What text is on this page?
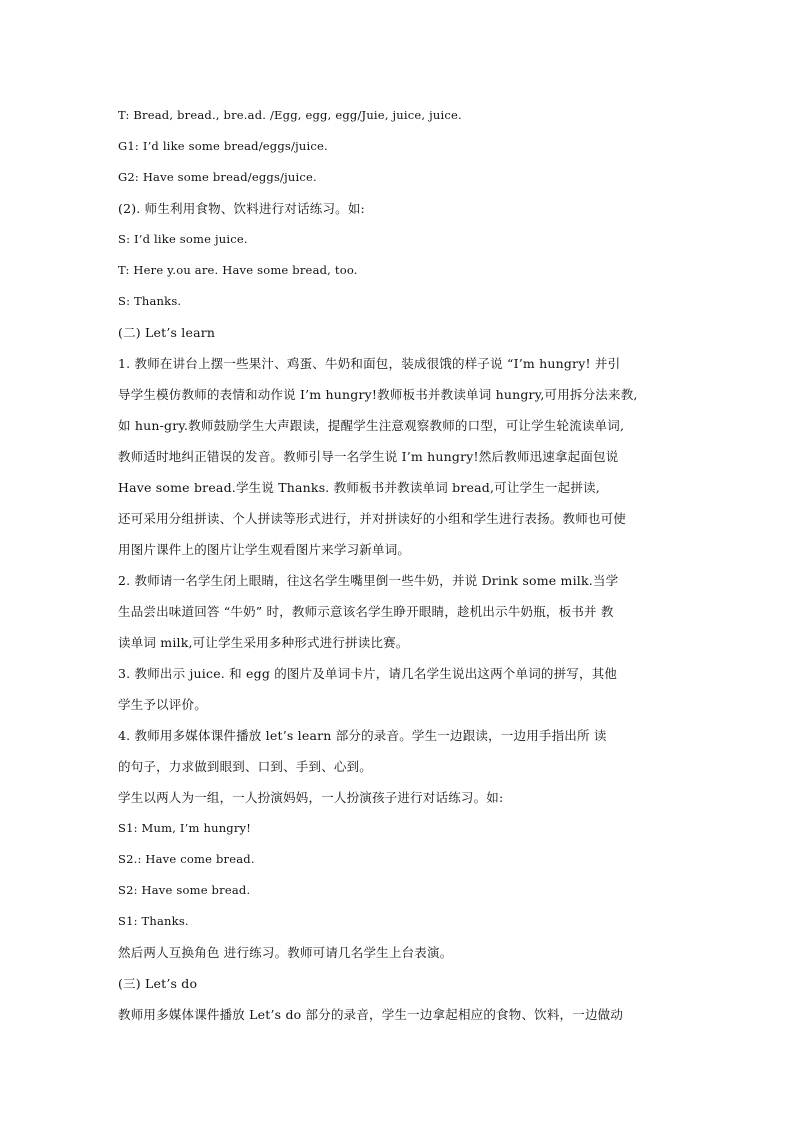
T: Bread, bread., bre.ad. /Egg, egg, egg/Juie, juice, juice.
G1: I’d like some bread/eggs/juice.
G2: Have some bread/eggs/juice.
(2). 师生利用食物、饮料进行对话练习。如:
S: I’d like some juice.
T: Here y.ou are. Have some bread, too.
S: Thanks.
(二) Let’s learn
1. 教师在讲台上摆一些果汁、鸡蛋、牛奶和面包，装成很饿的样子说 “I’m hungry! 并引
导学生模仿教师的表情和动作说 I’m hungry!教师板书并教读单词 hungry,可用拆分法来教,
如 hun-gry.教师鼓励学生大声跟读，提醒学生注意观察教师的口型，可让学生轮流读单词,
教师适时地纠正错误的发音。教师引导一名学生说 I’m hungry!然后教师迅速拿起面包说
Have some bread.学生说 Thanks. 教师板书并教读单词 bread,可让学生一起拼读,
还可采用分组拼读、个人拼读等形式进行，并对拼读好的小组和学生进行表扬。教师也可使
用图片课件上的图片让学生观看图片来学习新单词。
2. 教师请一名学生闭上眼睛，往这名学生嘴里倒一些牛奶，并说 Drink some milk.当学
生品尝出味道回答 “牛奶” 时，教师示意该名学生睁开眼睛，趁机出示牛奶瓶，板书并 教
读单词 milk,可让学生采用多种形式进行拼读比赛。
3. 教师出示 juice. 和 egg 的图片及单词卡片，请几名学生说出这两个单词的拼写，其他
学生予以评价。
4. 教师用多媒体课件播放 let’s learn 部分的录音。学生一边跟读，一边用手指出所 读
的句子，力求做到眼到、口到、手到、心到。
学生以两人为一组，一人扮演妈妈，一人扮演孩子进行对话练习。如:
S1: Mum, I’m hungry!
S2.: Have come bread.
S2: Have some bread.
S1: Thanks.
然后两人互换角色 进行练习。教师可请几名学生上台表演。
(三) Let’s do
教师用多媒体课件播放 Let’s do 部分的录音，学生一边拿起相应的食物、饮料，一边做动
